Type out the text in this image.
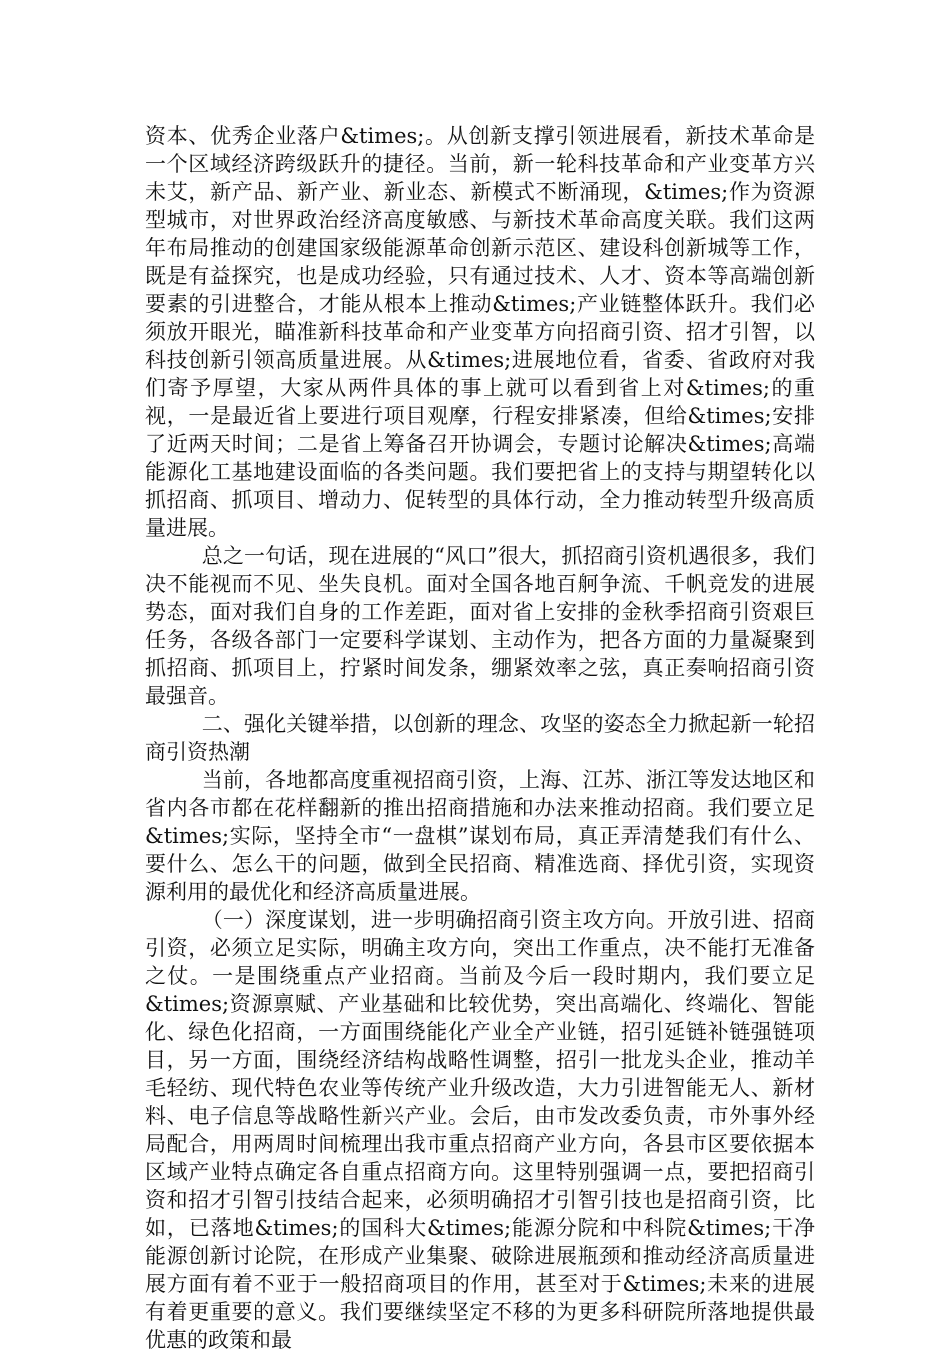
资本、优秀企业落户&times;。从创新支撑引领进展看，新技术革命是一个区域经济跨级跃升的捷径。当前，新一轮科技革命和产业变革方兴未艾，新产品、新产业、新业态、新模式不断涌现，&times;作为资源型城市，对世界政治经济高度敏感、与新技术革命高度关联。我们这两年布局推动的创建国家级能源革命创新示范区、建设科创新城等工作，既是有益探究，也是成功经验，只有通过技术、人才、资本等高端创新要素的引进整合，才能从根本上推动&times;产业链整体跃升。我们必须放开眼光，瞄准新科技革命和产业变革方向招商引资、招才引智，以科技创新引领高质量进展。从&times;进展地位看，省委、省政府对我们寄予厚望，大家从两件具体的事上就可以看到省上对&times;的重视，一是最近省上要进行项目观摩，行程安排紧凑，但给&times;安排了近两天时间；二是省上筹备召开协调会，专题讨论解决&times;高端能源化工基地建设面临的各类问题。我们要把省上的支持与期望转化以抓招商、抓项目、增动力、促转型的具体行动，全力推动转型升级高质量进展。

总之一句话，现在进展的“风口”很大，抓招商引资机遇很多，我们决不能视而不见、坐失良机。面对全国各地百舸争流、千帆竞发的进展势态，面对我们自身的工作差距，面对省上安排的金秋季招商引资艰巨任务，各级各部门一定要科学谋划、主动作为，把各方面的力量凝聚到抓招商、抓项目上，拧紧时间发条，绷紧效率之弦，真正奏响招商引资最强音。

二、强化关键举措，以创新的理念、攻坚的姿态全力掀起新一轮招商引资热潮

当前，各地都高度重视招商引资，上海、江苏、浙江等发达地区和省内各市都在花样翻新的推出招商措施和办法来推动招商。我们要立足&times;实际，坚持全市“一盘棋”谋划布局，真正弄清楚我们有什么、要什么、怎么干的问题，做到全民招商、精准选商、择优引资，实现资源利用的最优化和经济高质量进展。

（一）深度谋划，进一步明确招商引资主攻方向。开放引进、招商引资，必须立足实际，明确主攻方向，突出工作重点，决不能打无准备之仗。一是围绕重点产业招商。当前及今后一段时期内，我们要立足&times;资源禀赋、产业基础和比较优势，突出高端化、终端化、智能化、绿色化招商，一方面围绕能化产业全产业链，招引延链补链强链项目，另一方面，围绕经济结构战略性调整，招引一批龙头企业，推动羊毛轻纺、现代特色农业等传统产业升级改造，大力引进智能无人、新材料、电子信息等战略性新兴产业。会后，由市发改委负责，市外事外经局配合，用两周时间梳理出我市重点招商产业方向，各县市区要依据本区域产业特点确定各自重点招商方向。这里特别强调一点，要把招商引资和招才引智引技结合起来，必须明确招才引智引技也是招商引资，比如，已落地&times;的国科大&times;能源分院和中科院&times;干净能源创新讨论院，在形成产业集聚、破除进展瓶颈和推动经济高质量进展方面有着不亚于一般招商项目的作用，甚至对于&times;未来的进展有着更重要的意义。我们要继续坚定不移的为更多科研院所落地提供最优惠的政策和最
